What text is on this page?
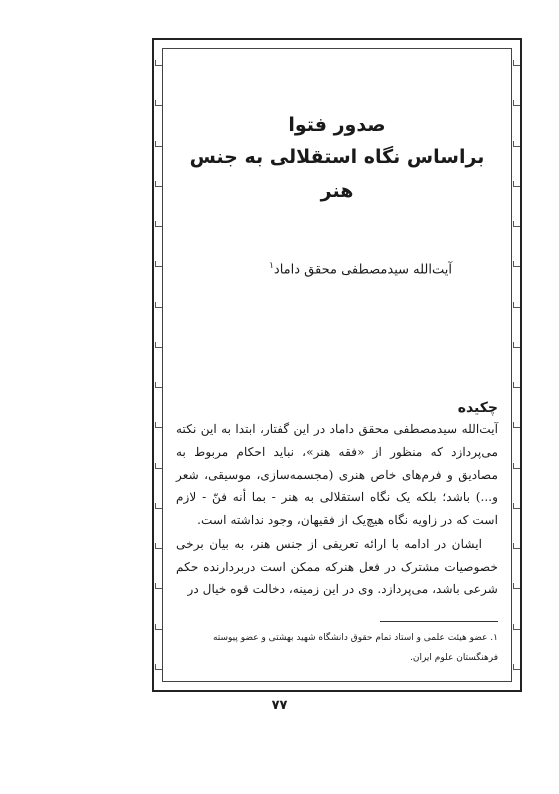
صدور فتوا
براساس نگاه استقلالی به جنس هنر

آیت‌الله سیدمصطفی محقق داماد$^١$

چکیده

آیت‌الله سیدمصطفی محقق داماد در این گفتار، ابتدا به این نکته می‌پردازد که منظور از «فقه هنر»، نباید احکام مربوط به مصادیق و فرم‌های خاص هنری (مجسمه‌سازی، موسیقی، شعر و...) باشد؛ بلکه یک نگاه استقلالی به هنر - بما أنه فنّ - لازم است که در زاویه نگاه هیچ‌یک از فقیهان، وجود نداشته است.

ایشان در ادامه با ارائه تعریفی از جنس هنر، به بیان برخی خصوصیات مشترک در فعل هنرکه ممکن است دربردارنده حکم شرعی باشد، می‌پردازد. وی در این زمینه، دخالت قوه خیال در

١. عضو هیئت علمی و استاد تمام حقوق دانشگاه شهید بهشتی و عضو پیوسته فرهنگستان علوم ایران.

٧٧
